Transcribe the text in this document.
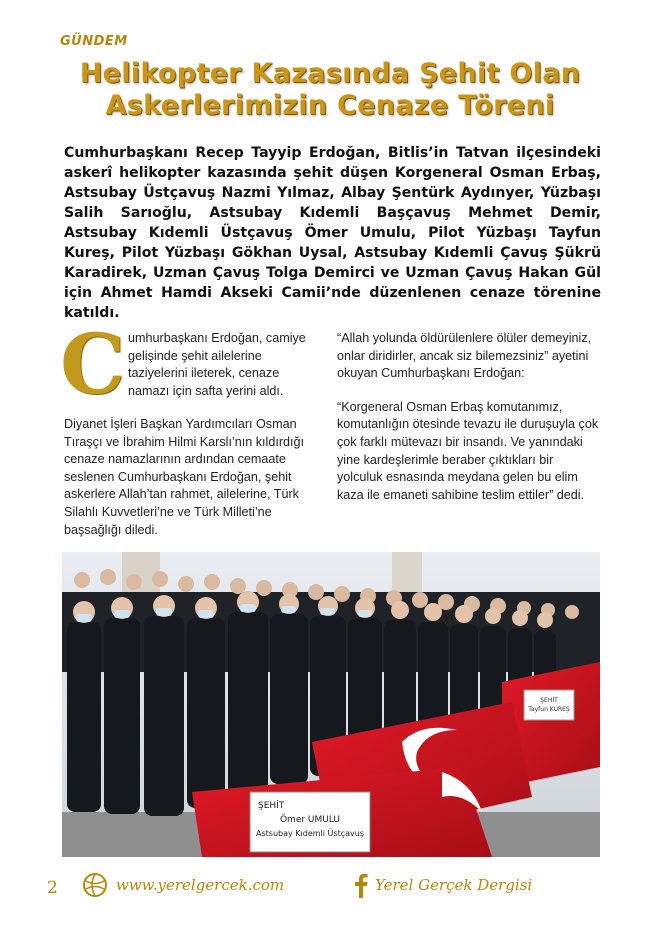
GÜNDEM
Helikopter Kazasında Şehit Olan
Askerlerimizin Cenaze Töreni
Cumhurbaşkanı Recep Tayyip Erdoğan, Bitlis’in Tatvan ilçesindeki askerî helikopter kazasında şehit düşen Korgeneral Osman Erbaş, Astsubay Üstçavuş Nazmi Yılmaz, Albay Şentürk Aydınyer, Yüzbaşı Salih Sarıoğlu, Astsubay Kıdemli Başçavuş Mehmet Demir, Astsubay Kıdemli Üstçavuş Ömer Umulu, Pilot Yüzbaşı Tayfun Kureş, Pilot Yüzbaşı Gökhan Uysal, Astsubay Kıdemli Çavuş Şükrü Karadirek, Uzman Çavuş Tolga Demirci ve Uzman Çavuş Hakan Gül için Ahmet Hamdi Akseki Camii’nde düzenlenen cenaze törenine katıldı.
C umhurbaşkanı Erdoğan, camiye gelişinde şehit ailelerine taziyelerini ileterek, cenaze namazı için safta yerini aldı.

Diyanet İşleri Başkan Yardımcıları Osman Tıraşçı ve İbrahim Hilmi Karslı’nın kıldırdığı cenaze namazlarının ardından cemaate seslenen Cumhurbaşkanı Erdoğan, şehit askerlere Allah’tan rahmet, ailelerine, Türk Silahlı Kuvvetleri’ne ve Türk Milleti’ne başsağlığı diledi.

“Allah yolunda öldürülenlere ölüler demeyiniz, onlar diridirler, ancak siz bilemezsiniz” ayetini okuyan Cumhurbaşkanı Erdoğan:

“Korgeneral Osman Erbaş komutanımız, komutanlığın ötesinde tevazu ile duruşuyla çok çok farklı mütevazı bir insandı. Ve yanındaki yine kardeşlerimle beraber çıktıkları bir yolculuk esnasında meydana gelen bu elim kaza ile emaneti sahibine teslim ettiler” dedi.

ŞEHİT
Tayfun KUREŞ
ŞEHİT
Ömer UMULU
Astsubay Kıdemli Üstçavuş
2	www.yerelgercek.com	Yerel Gerçek Dergisi
